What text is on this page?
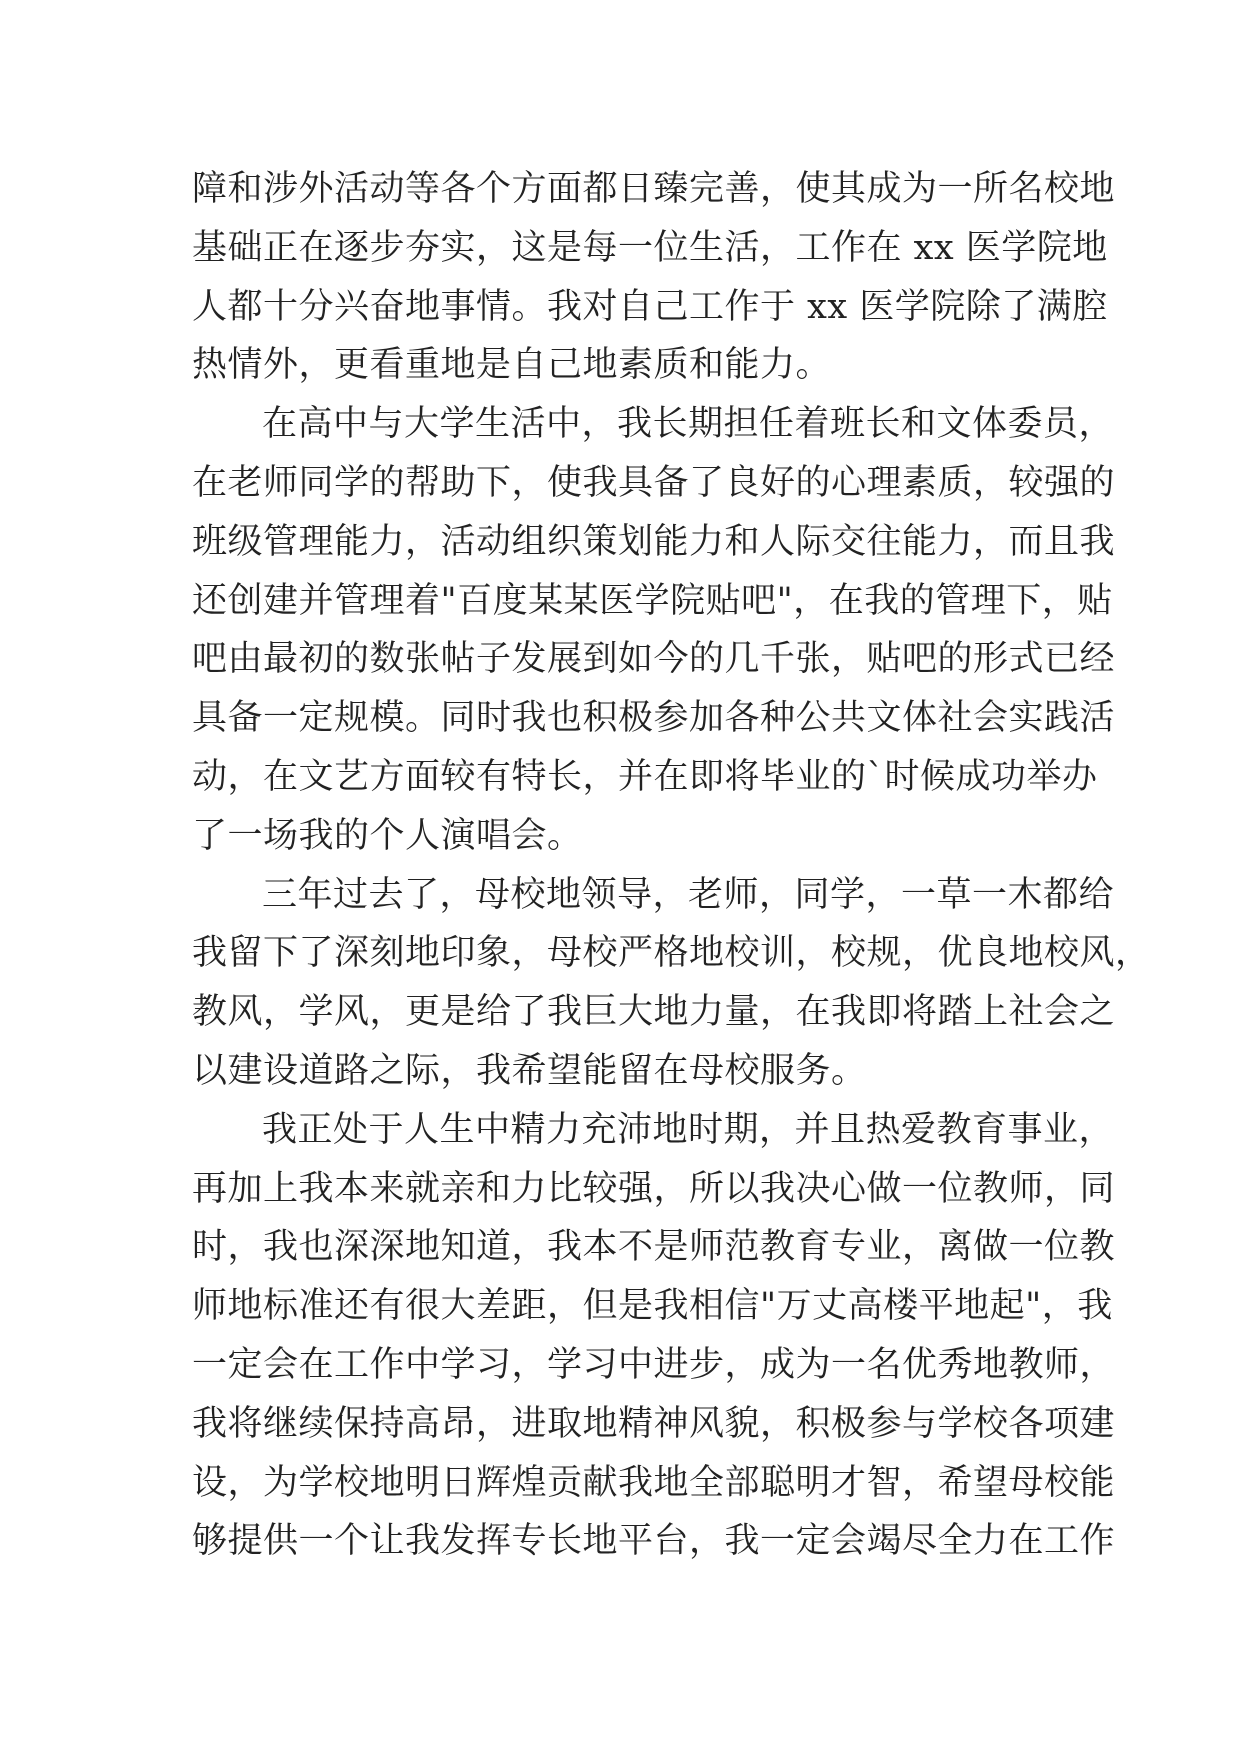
障和涉外活动等各个方面都日臻完善，使其成为一所名校地
基础正在逐步夯实，这是每一位生活，工作在 xx 医学院地
人都十分兴奋地事情。我对自己工作于 xx 医学院除了满腔
热情外，更看重地是自己地素质和能力。
在高中与大学生活中，我长期担任着班长和文体委员，
在老师同学的帮助下，使我具备了良好的心理素质，较强的
班级管理能力，活动组织策划能力和人际交往能力，而且我
还创建并管理着"百度某某医学院贴吧"，在我的管理下，贴
吧由最初的数张帖子发展到如今的几千张，贴吧的形式已经
具备一定规模。同时我也积极参加各种公共文体社会实践活
动，在文艺方面较有特长，并在即将毕业的`时候成功举办
了一场我的个人演唱会。
三年过去了，母校地领导，老师，同学，一草一木都给
我留下了深刻地印象，母校严格地校训，校规，优良地校风，
教风，学风，更是给了我巨大地力量，在我即将踏上社会之
以建设道路之际，我希望能留在母校服务。
我正处于人生中精力充沛地时期，并且热爱教育事业，
再加上我本来就亲和力比较强，所以我决心做一位教师，同
时，我也深深地知道，我本不是师范教育专业，离做一位教
师地标准还有很大差距，但是我相信"万丈高楼平地起"，我
一定会在工作中学习，学习中进步，成为一名优秀地教师，
我将继续保持高昂，进取地精神风貌，积极参与学校各项建
设，为学校地明日辉煌贡献我地全部聪明才智，希望母校能
够提供一个让我发挥专长地平台，我一定会竭尽全力在工作
